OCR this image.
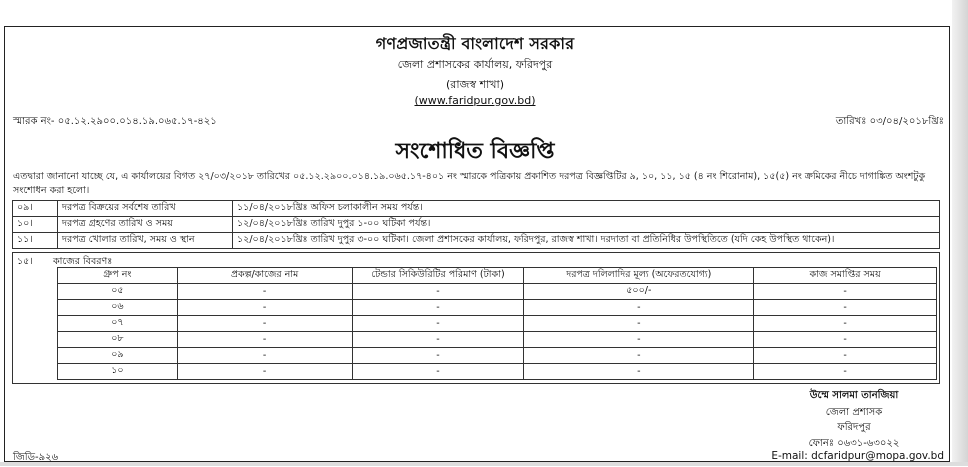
গণপ্রজাতন্ত্রী বাংলাদেশ সরকার
জেলা প্রশাসকের কার্যালয়, ফরিদপুর
(রাজস্ব শাখা)
(www.faridpur.gov.bd)
স্মারক নং- ০৫.১২.২৯০০.০১৪.১৯.০৬৫.১৭-৪২১	তারিখঃ ০৩/০৪/২০১৮খ্রিঃ
সংশোধিত বিজ্ঞপ্তি
এতদ্বারা জানানো যাচ্ছে যে, এ কার্যালয়ের বিগত ২৭/০৩/২০১৮ তারিখের ০৫.১২.২৯০০.০১৪.১৯.০৬৫.১৭-৪০১ নং স্মারকে পত্রিকায় প্রকাশিত দরপত্র বিজ্ঞপ্তিটির ৯, ১০, ১১, ১৫ (৪ নং শিরোনাম), ১৫(৫) নং ক্রমিকের নীচে দাগাঙ্কিত অংশটুকু সংশোধন করা হলো।
০৯।	দরপত্র বিক্রয়ের সর্বশেষ তারিখ	১১/০৪/২০১৮খ্রিঃ অফিস চলাকালীন সময় পর্যন্ত।
১০।	দরপত্র গ্রহণের তারিখ ও সময়	১২/০৪/২০১৮খ্রিঃ তারিখ দুপুর ১-০০ ঘটিকা পর্যন্ত।
১১।	দরপত্র খোলার তারিখ, সময় ও স্থান	১২/০৪/২০১৮খ্রিঃ তারিখ দুপুর ৩-০০ ঘটিকা। জেলা প্রশাসকের কার্যালয়, ফরিদপুর, রাজস্ব শাখা। দরদাতা বা প্রতিনিধির উপস্থিতিতে (যদি কেহ উপস্থিত থাকেন)।
১৫। কাজের বিবরণঃ
গ্রুপ নং	প্রকল্প/কাজের নাম	টেন্ডার সিকিউরিটির পরিমাণ (টাকা)	দরপত্র দলিলাদির মূল্য (অফেরতযোগ্য)	কাজ সমাপ্তির সময়
০৫	-	-	৫০০/-	-
০৬	-	-	-	-
০৭	-	-	-	-
০৮	-	-	-	-
০৯	-	-	-	-
১০	-	-	-	-
উম্মে সালমা তানজিয়া
জেলা প্রশাসক
ফরিদপুর
ফোনঃ ০৬৩১-৬৩০২২
E-mail: dcfaridpur@mopa.gov.bd
জিডি-৯২৬
